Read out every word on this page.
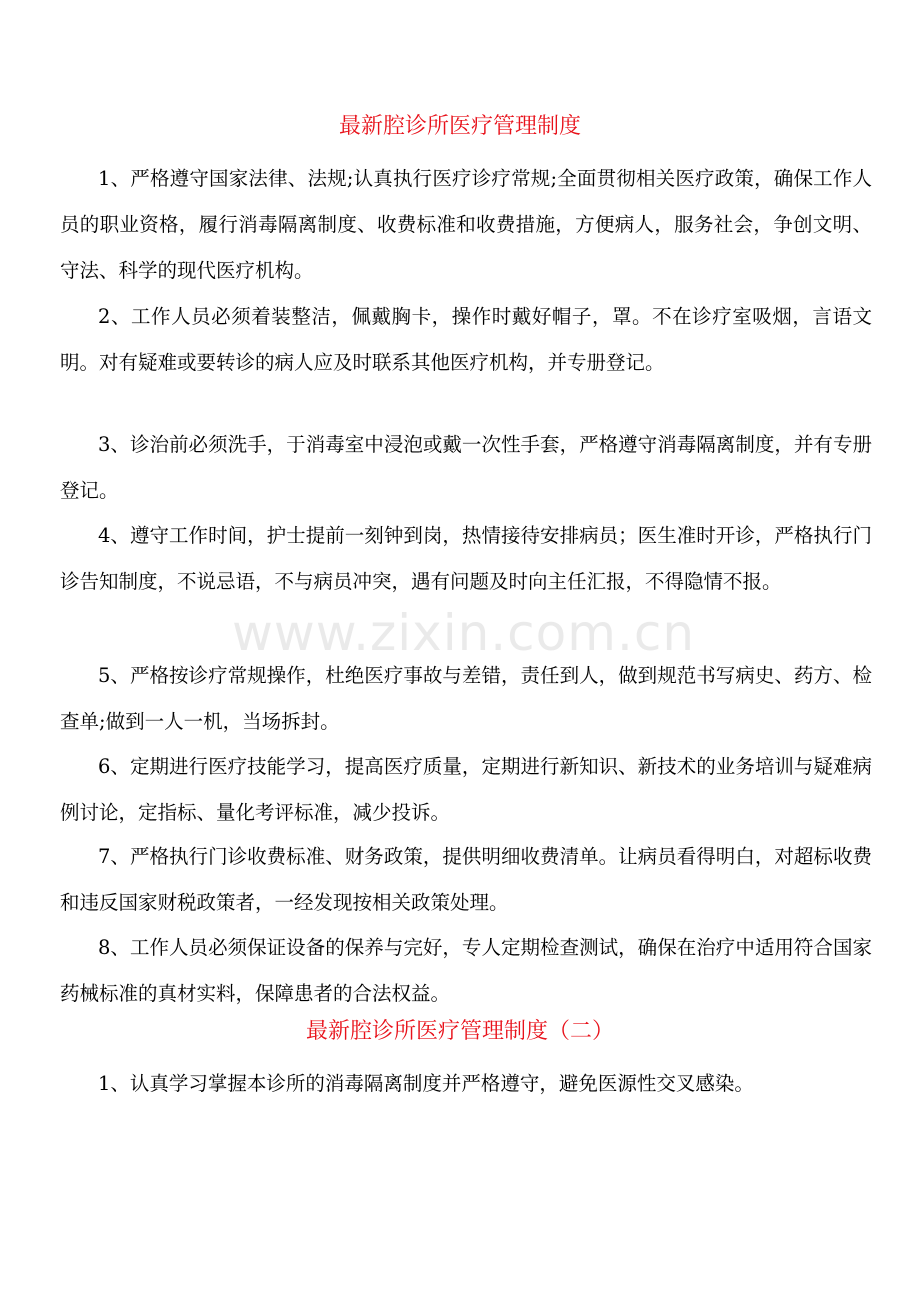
最新腔诊所医疗管理制度

1、严格遵守国家法律、法规;认真执行医疗诊疗常规;全面贯彻相关医疗政策，确保工作人员的职业资格，履行消毒隔离制度、收费标准和收费措施，方便病人，服务社会，争创文明、守法、科学的现代医疗机构。

2、工作人员必须着装整洁，佩戴胸卡，操作时戴好帽子，罩。不在诊疗室吸烟，言语文明。对有疑难或要转诊的病人应及时联系其他医疗机构，并专册登记。

3、诊治前必须洗手，于消毒室中浸泡或戴一次性手套，严格遵守消毒隔离制度，并有专册登记。

4、遵守工作时间，护士提前一刻钟到岗，热情接待安排病员；医生准时开诊，严格执行门诊告知制度，不说忌语，不与病员冲突，遇有问题及时向主任汇报，不得隐情不报。

5、严格按诊疗常规操作，杜绝医疗事故与差错，责任到人，做到规范书写病史、药方、检查单;做到一人一机，当场拆封。

6、定期进行医疗技能学习，提高医疗质量，定期进行新知识、新技术的业务培训与疑难病例讨论，定指标、量化考评标准，减少投诉。

7、严格执行门诊收费标准、财务政策，提供明细收费清单。让病员看得明白，对超标收费和违反国家财税政策者，一经发现按相关政策处理。

8、工作人员必须保证设备的保养与完好，专人定期检查测试，确保在治疗中适用符合国家药械标准的真材实料，保障患者的合法权益。

最新腔诊所医疗管理制度（二）

1、认真学习掌握本诊所的消毒隔离制度并严格遵守，避免医源性交叉感染。

www.zixin.com.cn
